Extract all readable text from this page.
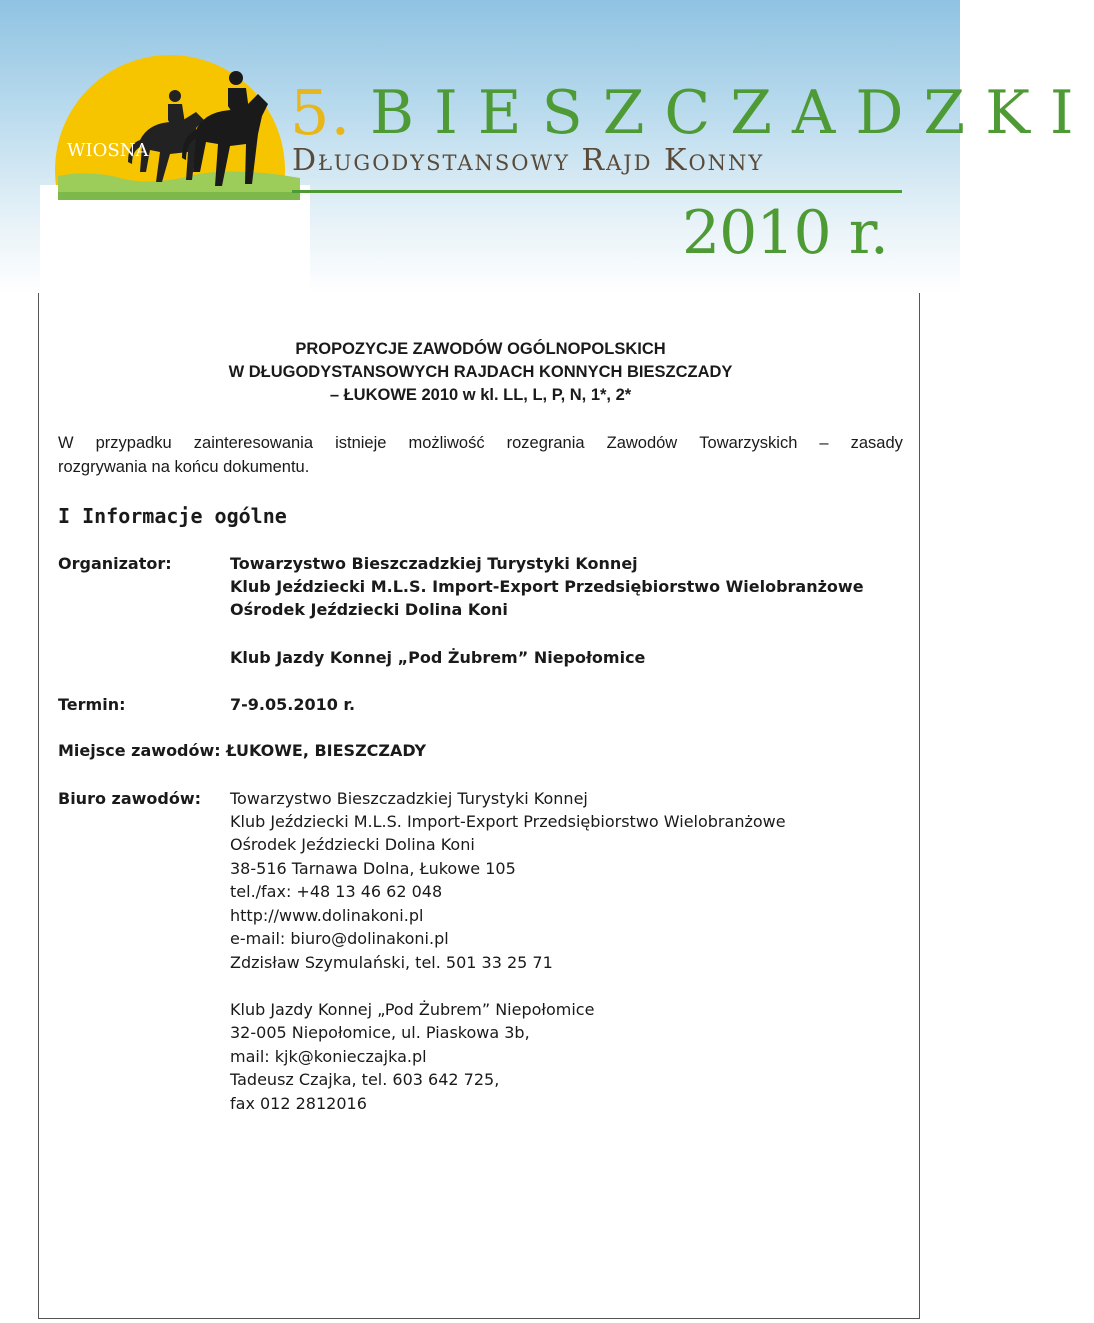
WIOSNA
5. BIESZCZADZKI
Długodystansowy Rajd Konny
2010 r.
PROPOZYCJE ZAWODÓW OGÓLNOPOLSKICH
W DŁUGODYSTANSOWYCH RAJDACH KONNYCH BIESZCZADY
– ŁUKOWE 2010 w kl. LL, L, P, N, 1*, 2*
W przypadku zainteresowania istnieje możliwość rozegrania Zawodów Towarzyskich – zasady
rozgrywania na końcu dokumentu.
I Informacje ogólne
Organizator:	Towarzystwo Bieszczadzkiej Turystyki Konnej
Klub Jeździecki M.L.S. Import-Export Przedsiębiorstwo Wielobranżowe
Ośrodek Jeździecki Dolina Koni
Klub Jazdy Konnej „Pod Żubrem” Niepołomice
Termin:	7-9.05.2010 r.
Miejsce zawodów: ŁUKOWE, BIESZCZADY
Biuro zawodów: Towarzystwo Bieszczadzkiej Turystyki Konnej
Klub Jeździecki M.L.S. Import-Export Przedsiębiorstwo Wielobranżowe
Ośrodek Jeździecki Dolina Koni
38-516 Tarnawa Dolna, Łukowe 105
tel./fax: +48 13 46 62 048
http://www.dolinakoni.pl
e-mail: biuro@dolinakoni.pl
Zdzisław Szymulański, tel. 501 33 25 71
Klub Jazdy Konnej „Pod Żubrem” Niepołomice
32-005 Niepołomice, ul. Piaskowa 3b,
mail: kjk@konieczajka.pl
Tadeusz Czajka, tel. 603 642 725,
fax 012 2812016
